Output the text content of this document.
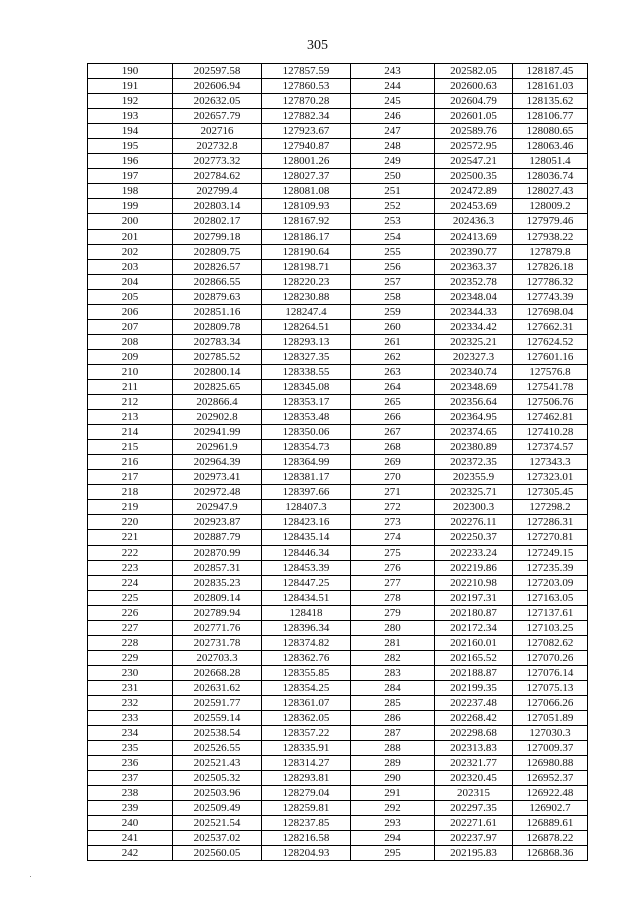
305
190	202597.58	127857.59	243	202582.05	128187.45
191	202606.94	127860.53	244	202600.63	128161.03
192	202632.05	127870.28	245	202604.79	128135.62
193	202657.79	127882.34	246	202601.05	128106.77
194	202716	127923.67	247	202589.76	128080.65
195	202732.8	127940.87	248	202572.95	128063.46
196	202773.32	128001.26	249	202547.21	128051.4
197	202784.62	128027.37	250	202500.35	128036.74
198	202799.4	128081.08	251	202472.89	128027.43
199	202803.14	128109.93	252	202453.69	128009.2
200	202802.17	128167.92	253	202436.3	127979.46
201	202799.18	128186.17	254	202413.69	127938.22
202	202809.75	128190.64	255	202390.77	127879.8
203	202826.57	128198.71	256	202363.37	127826.18
204	202866.55	128220.23	257	202352.78	127786.32
205	202879.63	128230.88	258	202348.04	127743.39
206	202851.16	128247.4	259	202344.33	127698.04
207	202809.78	128264.51	260	202334.42	127662.31
208	202783.34	128293.13	261	202325.21	127624.52
209	202785.52	128327.35	262	202327.3	127601.16
210	202800.14	128338.55	263	202340.74	127576.8
211	202825.65	128345.08	264	202348.69	127541.78
212	202866.4	128353.17	265	202356.64	127506.76
213	202902.8	128353.48	266	202364.95	127462.81
214	202941.99	128350.06	267	202374.65	127410.28
215	202961.9	128354.73	268	202380.89	127374.57
216	202964.39	128364.99	269	202372.35	127343.3
217	202973.41	128381.17	270	202355.9	127323.01
218	202972.48	128397.66	271	202325.71	127305.45
219	202947.9	128407.3	272	202300.3	127298.2
220	202923.87	128423.16	273	202276.11	127286.31
221	202887.79	128435.14	274	202250.37	127270.81
222	202870.99	128446.34	275	202233.24	127249.15
223	202857.31	128453.39	276	202219.86	127235.39
224	202835.23	128447.25	277	202210.98	127203.09
225	202809.14	128434.51	278	202197.31	127163.05
226	202789.94	128418	279	202180.87	127137.61
227	202771.76	128396.34	280	202172.34	127103.25
228	202731.78	128374.82	281	202160.01	127082.62
229	202703.3	128362.76	282	202165.52	127070.26
230	202668.28	128355.85	283	202188.87	127076.14
231	202631.62	128354.25	284	202199.35	127075.13
232	202591.77	128361.07	285	202237.48	127066.26
233	202559.14	128362.05	286	202268.42	127051.89
234	202538.54	128357.22	287	202298.68	127030.3
235	202526.55	128335.91	288	202313.83	127009.37
236	202521.43	128314.27	289	202321.77	126980.88
237	202505.32	128293.81	290	202320.45	126952.37
238	202503.96	128279.04	291	202315	126922.48
239	202509.49	128259.81	292	202297.35	126902.7
240	202521.54	128237.85	293	202271.61	126889.61
241	202537.02	128216.58	294	202237.97	126878.22
242	202560.05	128204.93	295	202195.83	126868.36
